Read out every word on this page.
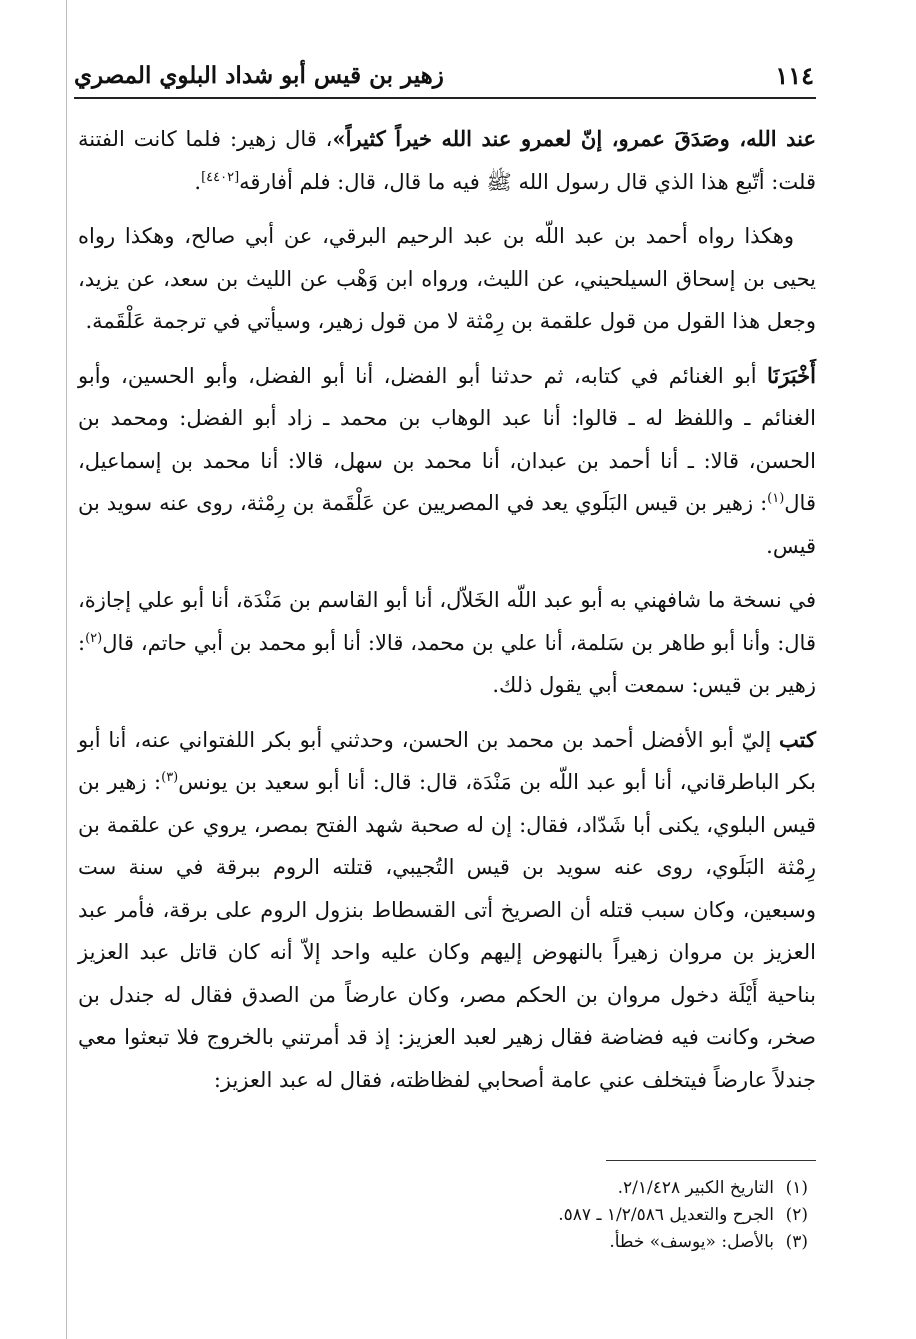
١١٤
زهير بن قيس أبو شداد البلوي المصري

عند الله، وصَدَقَ عمرو، إنّ لعمرو عند الله خيراً كثيراً»، قال زهير: فلما كانت الفتنة قلت: أتّبع هذا الذي قال رسول الله ﷺ فيه ما قال، قال: فلم أفارقه[٤٤٠٢].

وهكذا رواه أحمد بن عبد اللّه بن عبد الرحيم البرقي، عن أبي صالح، وهكذا رواه يحيى بن إسحاق السيلحيني، عن الليث، ورواه ابن وَهْب عن الليث بن سعد، عن يزيد، وجعل هذا القول من قول علقمة بن رِمْثة لا من قول زهير، وسيأتي في ترجمة عَلْقَمة.

أَخْبَرَنَا أبو الغنائم في كتابه، ثم حدثنا أبو الفضل، أنا أبو الفضل، وأبو الحسين، وأبو الغنائم ـ واللفظ له ـ قالوا: أنا عبد الوهاب بن محمد ـ زاد أبو الفضل: ومحمد بن الحسن، قالا: ـ أنا أحمد بن عبدان، أنا محمد بن سهل، قالا: أنا محمد بن إسماعيل، قال$^{(١)}$: زهير بن قيس البَلَوي يعد في المصريين عن عَلْقَمة بن رِمْثة، روى عنه سويد بن قيس.

في نسخة ما شافهني به أبو عبد اللّه الخَلاّل، أنا أبو القاسم بن مَنْدَة، أنا أبو علي إجازة، قال: وأنا أبو طاهر بن سَلمة، أنا علي بن محمد، قالا: أنا أبو محمد بن أبي حاتم، قال$^{(٢)}$: زهير بن قيس: سمعت أبي يقول ذلك.

كتب إليّ أبو الأفضل أحمد بن محمد بن الحسن، وحدثني أبو بكر اللفتواني عنه، أنا أبو بكر الباطرقاني، أنا أبو عبد اللّه بن مَنْدَة، قال: قال: أنا أبو سعيد بن يونس$^{(٣)}$: زهير بن قيس البلوي، يكنى أبا شَدّاد، فقال: إن له صحبة شهد الفتح بمصر، يروي عن علقمة بن رِمْثة البَلَوي، روى عنه سويد بن قيس التُجيبي، قتلته الروم ببرقة في سنة ست وسبعين، وكان سبب قتله أن الصريخ أتى القسطاط بنزول الروم على برقة، فأمر عبد العزيز بن مروان زهيراً بالنهوض إليهم وكان عليه واحد إلاّ أنه كان قاتل عبد العزيز بناحية أَيْلَة دخول مروان بن الحكم مصر، وكان عارضاً من الصدق فقال له جندل بن صخر، وكانت فيه فضاضة فقال زهير لعبد العزيز: إذ قد أمرتني بالخروج فلا تبعثوا معي جندلاً عارضاً فيتخلف عني عامة أصحابي لفظاظته، فقال له عبد العزيز:

(١)التاريخ الكبير ٢/١/٤٢٨.
(٢)الجرح والتعديل ١/٢/٥٨٦ ـ ٥٨٧.
(٣)بالأصل: «يوسف» خطأ.
